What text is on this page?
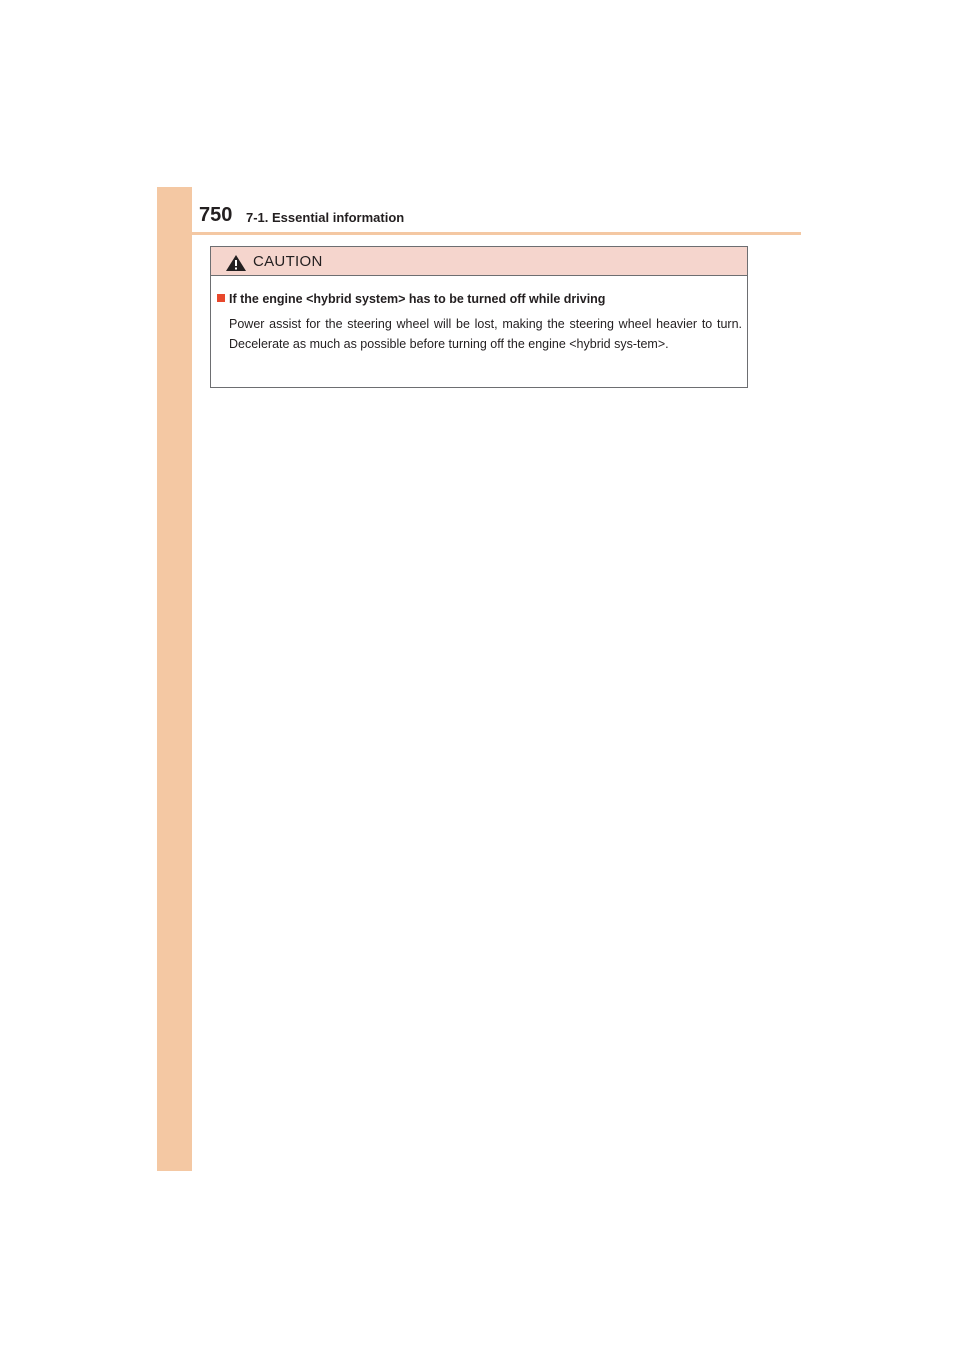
750 7-1. Essential information
CAUTION
If the engine <hybrid system> has to be turned off while driving
Power assist for the steering wheel will be lost, making the steering wheel heavier to turn. Decelerate as much as possible before turning off the engine <hybrid sys-tem>.
